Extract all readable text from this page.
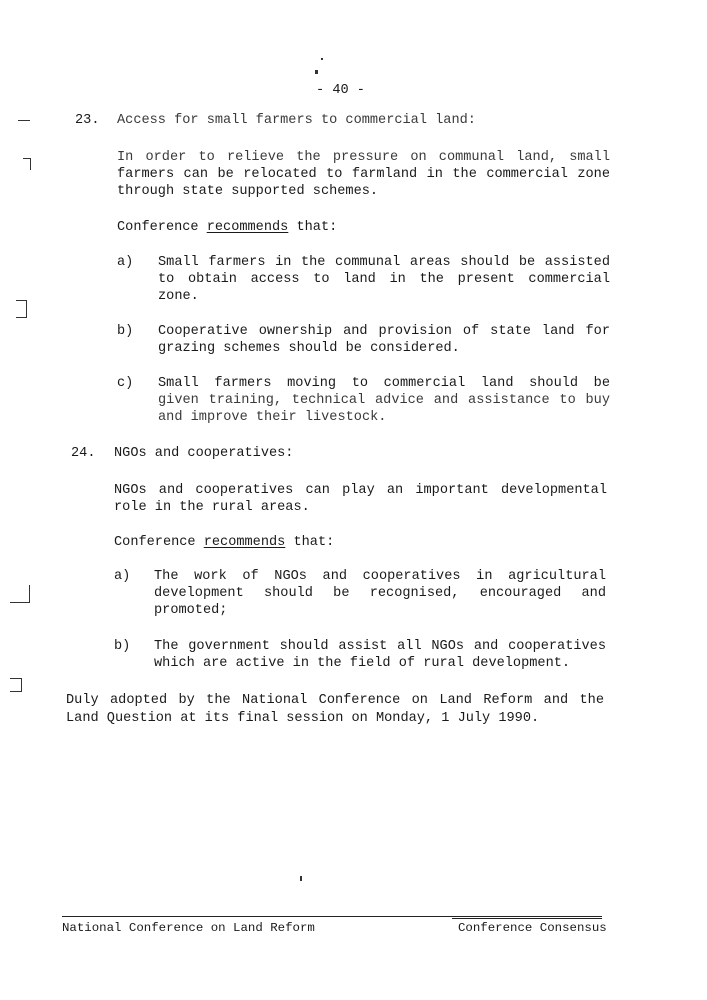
- 40 -
23. Access for small farmers to commercial land:
In order to relieve the pressure on communal land, small
farmers can be relocated to farmland in the commercial zone
through state supported schemes.
Conference recommends that:
a) Small farmers in the communal areas should be assisted
to obtain access to land in the present commercial
zone.
b) Cooperative ownership and provision of state land for
grazing schemes should be considered.
c) Small farmers moving to commercial land should be
given training, technical advice and assistance to buy
and improve their livestock.
24. NGOs and cooperatives:
NGOs and cooperatives can play an important developmental
role in the rural areas.
Conference recommends that:
a) The work of NGOs and cooperatives in agricultural
development should be recognised, encouraged and
promoted;
b) The government should assist all NGOs and cooperatives
which are active in the field of rural development.
Duly adopted by the National Conference on Land Reform and the
Land Question at its final session on Monday, 1 July 1990.
National Conference on Land Reform	Conference Consensus
